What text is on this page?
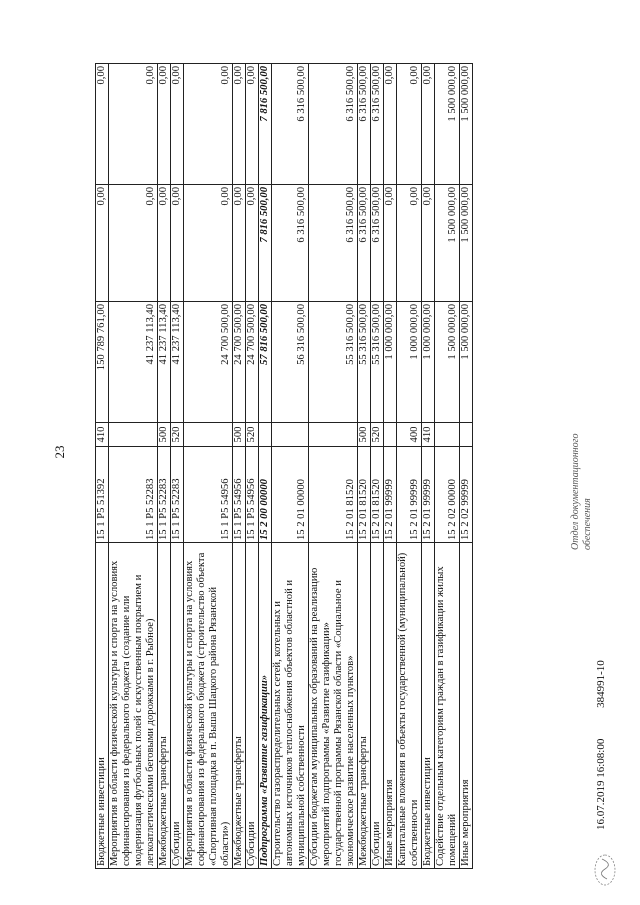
23
Бюджетные инвестиции	15 1 P5 51392	410	150 789 761,00	0,00	0,00
Мероприятия в области физической культуры и спорта на условиях софинансирования из федерального бюджета (создание или модернизация футбольных полей с искусственным покрытием и легкоатлетическими беговыми дорожками в г. Рыбное)	15 1 P5 52283		41 237 113,40	0,00	0,00
Межбюджетные трансферты	15 1 P5 52283	500	41 237 113,40	0,00	0,00
Субсидии	15 1 P5 52283	520	41 237 113,40	0,00	0,00
Мероприятия в области физической культуры и спорта на условиях софинансирования из федерального бюджета (строительство объекта «Спортивная площадка в п. Выша Шацкого района Рязанской области»)	15 1 P5 54956		24 700 500,00	0,00	0,00
Межбюджетные трансферты	15 1 P5 54956	500	24 700 500,00	0,00	0,00
Субсидии	15 1 P5 54956	520	24 700 500,00	0,00	0,00
Подпрограмма «Развитие газификации»	15 2 00 00000		57 816 500,00	7 816 500,00	7 816 500,00
Строительство газораспределительных сетей, котельных и автономных источников теплоснабжения объектов областной и муниципальной собственности	15 2 01 00000		56 316 500,00	6 316 500,00	6 316 500,00
Субсидии бюджетам муниципальных образований на реализацию мероприятий подпрограммы «Развитие газификации» государственной программы Рязанской области «Социальное и экономическое развитие населенных пунктов»	15 2 01 81520		55 316 500,00	6 316 500,00	6 316 500,00
Межбюджетные трансферты	15 2 01 81520	500	55 316 500,00	6 316 500,00	6 316 500,00
Субсидии	15 2 01 81520	520	55 316 500,00	6 316 500,00	6 316 500,00
Иные мероприятия	15 2 01 99999		1 000 000,00	0,00	0,00
Капитальные вложения в объекты государственной (муниципальной) собственности	15 2 01 99999	400	1 000 000,00	0,00	0,00
Бюджетные инвестиции	15 2 01 99999	410	1 000 000,00	0,00	0,00
Содействие отдельным категориям граждан в газификации жилых помещений	15 2 02 00000		1 500 000,00	1 500 000,00	1 500 000,00
Иные мероприятия	15 2 02 99999		1 500 000,00	1 500 000,00	1 500 000,00
16.07.2019 16:08:00 384991-10
Отдел документационного обеспечения
